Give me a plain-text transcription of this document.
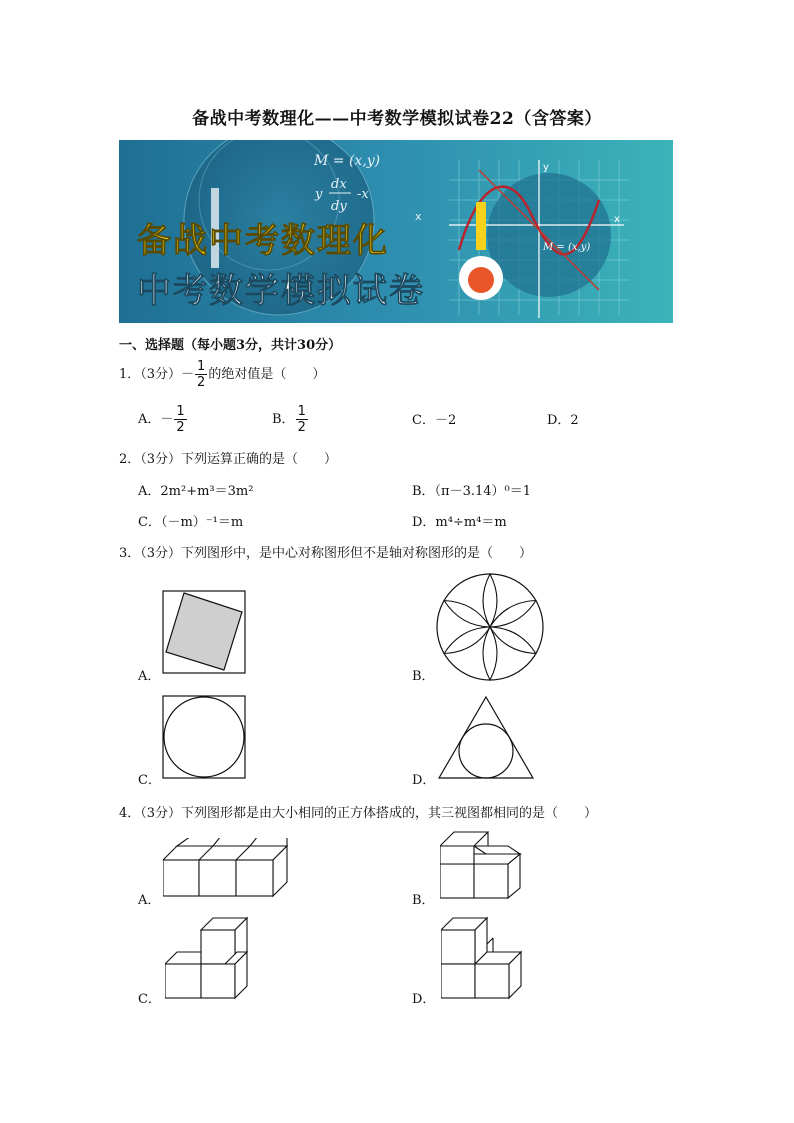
备战中考数理化——中考数学模拟试卷22（含答案）
M = (x,y)
y
dx
dy
-x
x
M = (x,y)
y
x
备战中考数理化
中考数学模拟试卷
一、选择题（每小题3分，共计30分）
1．（3分）－ $\frac{1}{2}$ 的绝对值是（　　）
A．－ $\frac{1}{2}$	B． $\frac{1}{2}$	C．－2	D．2
2．（3分）下列运算正确的是（　　）
A．2m²+m³＝3m²	B．（π－3.14）⁰＝1
C．（－m）⁻¹＝m	D．m⁴÷m⁴＝m
3．（3分）下列图形中，是中心对称图形但不是轴对称图形的是（　　）
A．	B．
C．	D．
4．（3分）下列图形都是由大小相同的正方体搭成的，其三视图都相同的是（　　）
A．	B．
C．	D．
